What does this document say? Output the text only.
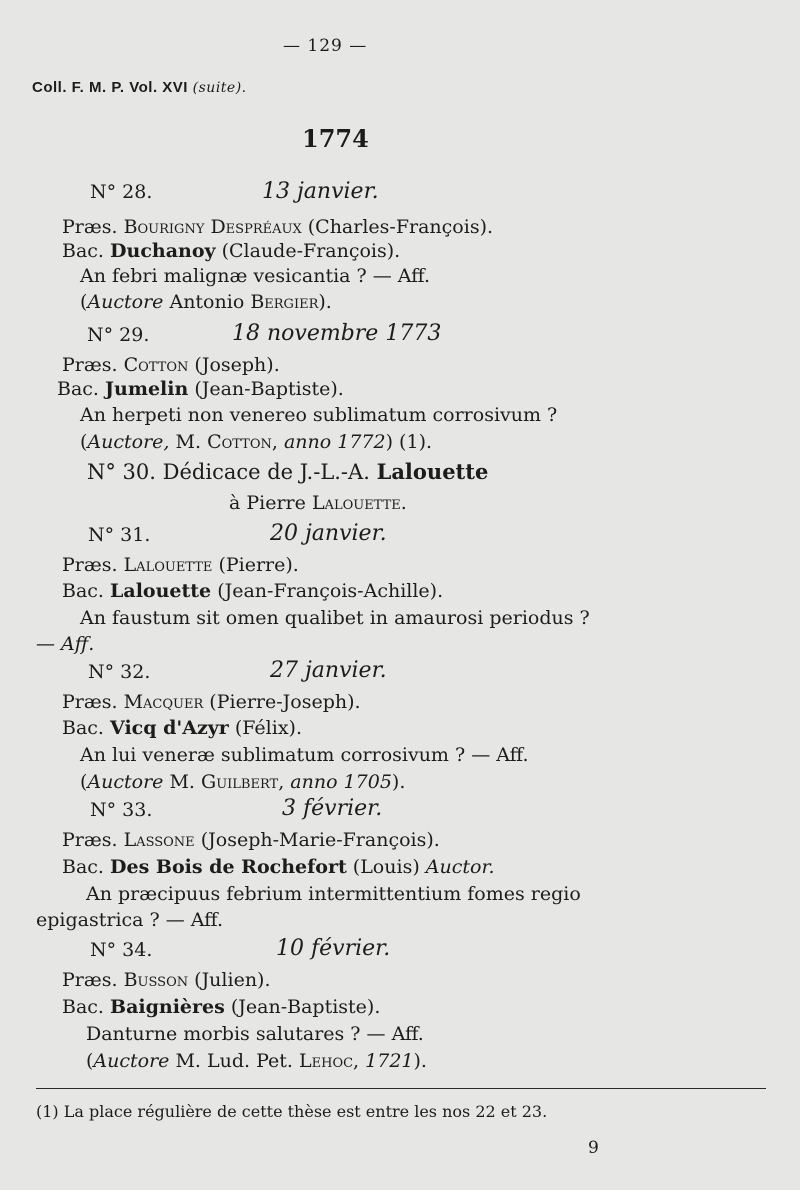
— 129 —
Coll. F. M. P. Vol. XVI (suite).
1774
N° 28.	13 janvier.
Præs. Bourigny Despréaux (Charles-François).
Bac. Duchanoy (Claude-François).
An febri malignæ vesicantia ? — Aff.
(Auctore Antonio Bergier).
N° 29.	18 novembre 1773
Præs. Cotton (Joseph).
Bac. Jumelin (Jean-Baptiste).
An herpeti non venereo sublimatum corrosivum ?
(Auctore, M. Cotton, anno 1772) (1).
N° 30. Dédicace de J.-L.-A. Lalouette
à Pierre Lalouette.
N° 31.	20 janvier.
Præs. Lalouette (Pierre).
Bac. Lalouette (Jean-François-Achille).
An faustum sit omen qualibet in amaurosi periodus ?
— Aff.
N° 32.	27 janvier.
Præs. Macquer (Pierre-Joseph).
Bac. Vicq d'Azyr (Félix).
An lui veneræ sublimatum corrosivum ? — Aff.
(Auctore M. Guilbert, anno 1705).
N° 33.	3 février.
Præs. Lassone (Joseph-Marie-François).
Bac. Des Bois de Rochefort (Louis) Auctor.
An præcipuus febrium intermittentium fomes regio
epigastrica ? — Aff.
N° 34.	10 février.
Præs. Busson (Julien).
Bac. Baignières (Jean-Baptiste).
Danturne morbis salutares ? — Aff.
(Auctore M. Lud. Pet. Lehoc, 1721).
(1) La place régulière de cette thèse est entre les nos 22 et 23.
9
